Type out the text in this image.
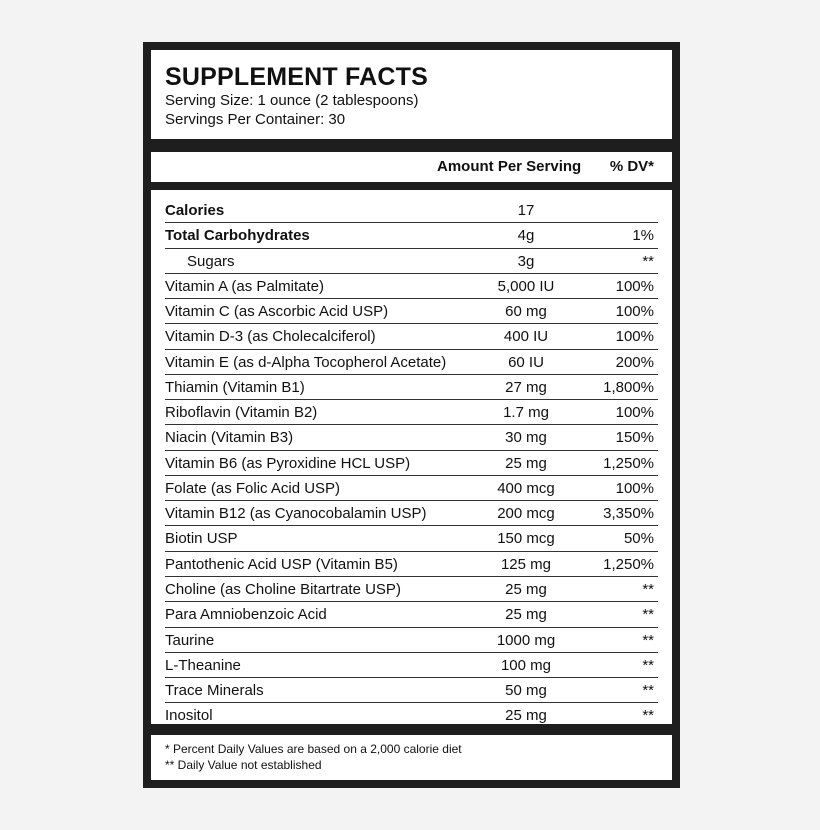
SUPPLEMENT FACTS
Serving Size: 1 ounce (2 tablespoons)
Servings Per Container: 30
Amount Per Serving % DV*
Calories	17
Total Carbohydrates	4g	1%
Sugars	3g	**
Vitamin A (as Palmitate)	5,000 IU	100%
Vitamin C (as Ascorbic Acid USP)	60 mg	100%
Vitamin D-3 (as Cholecalciferol)	400 IU	100%
Vitamin E (as d-Alpha Tocopherol Acetate)	60 IU	200%
Thiamin (Vitamin B1)	27 mg	1,800%
Riboflavin (Vitamin B2)	1.7 mg	100%
Niacin (Vitamin B3)	30 mg	150%
Vitamin B6 (as Pyroxidine HCL USP)	25 mg	1,250%
Folate (as Folic Acid USP)	400 mcg	100%
Vitamin B12 (as Cyanocobalamin USP)	200 mcg	3,350%
Biotin USP	150 mcg	50%
Pantothenic Acid USP (Vitamin B5)	125 mg	1,250%
Choline (as Choline Bitartrate USP)	25 mg	**
Para Amniobenzoic Acid	25 mg	**
Taurine	1000 mg	**
L-Theanine	100 mg	**
Trace Minerals	50 mg	**
Inositol	25 mg	**
* Percent Daily Values are based on a 2,000 calorie diet
** Daily Value not established
